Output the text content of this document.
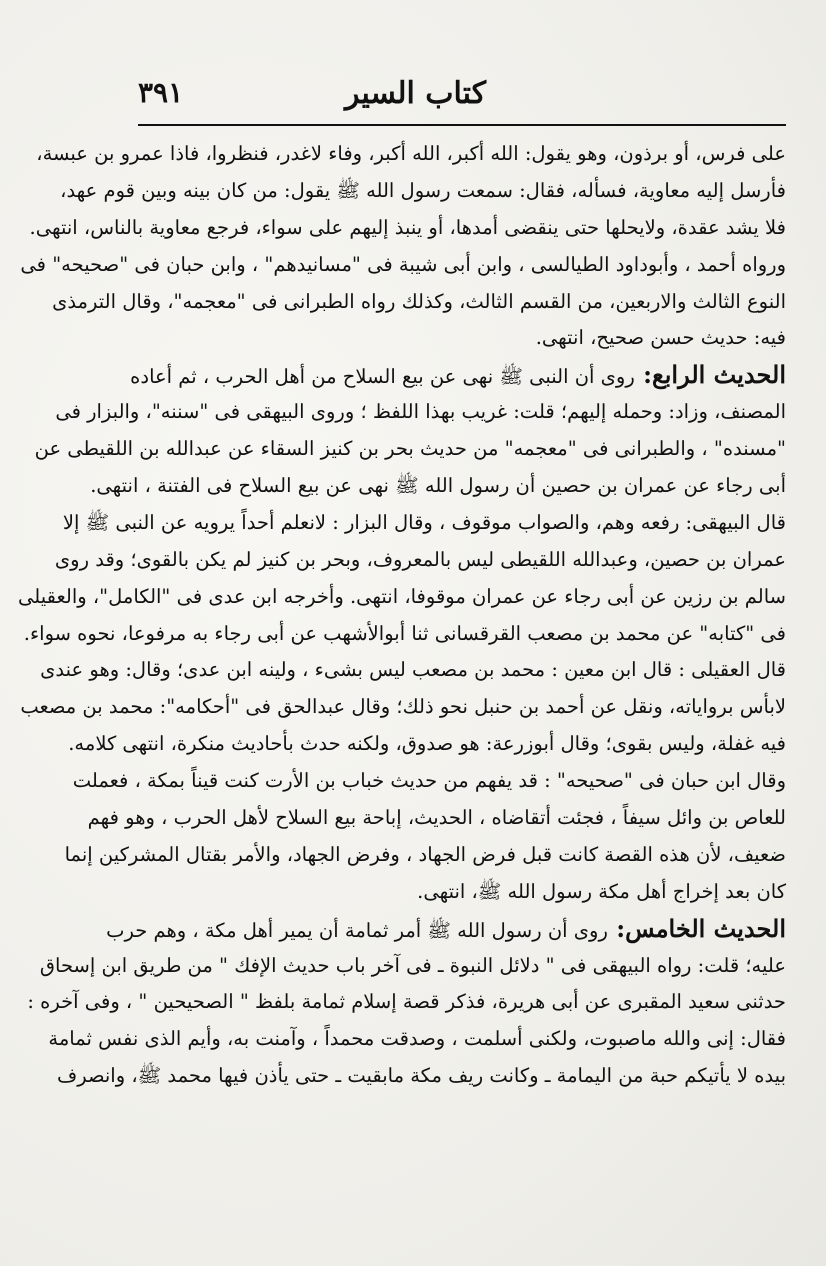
كتاب السير
٣٩١
على فرس، أو برذون، وهو يقول: الله أكبر، الله أكبر، وفاء لاغدر، فنظروا، فاذا عمرو بن عبسة،
فأرسل إليه معاوية، فسأله، فقال: سمعت رسول الله ﷺ يقول: من كان بينه وبين قوم عهد،
فلا يشد عقدة، ولايحلها حتى ينقضى أمدها، أو ينبذ إليهم على سواء، فرجع معاوية بالناس، انتهى.
ورواه أحمد ، وأبوداود الطيالسى ، وابن أبى شيبة فى "مسانيدهم" ، وابن حبان فى "صحيحه" فى
النوع الثالث والاربعين، من القسم الثالث، وكذلك رواه الطبرانى فى "معجمه"، وقال الترمذى
فيه: حديث حسن صحيح، انتهى.
الحديث الرابع: روى أن النبى ﷺ نهى عن بيع السلاح من أهل الحرب ، ثم أعاده
المصنف، وزاد: وحمله إليهم؛ قلت: غريب بهذا اللفظ ؛ وروى البيهقى فى "سننه"، والبزار فى
"مسنده" ، والطبرانى فى "معجمه" من حديث بحر بن كنيز السقاء عن عبدالله بن اللقيطى عن
أبى رجاء عن عمران بن حصين أن رسول الله ﷺ نهى عن بيع السلاح فى الفتنة ، انتهى.
قال البيهقى: رفعه وهم، والصواب موقوف ، وقال البزار : لانعلم أحداً يرويه عن النبى ﷺ إلا
عمران بن حصين، وعبدالله اللقيطى ليس بالمعروف، وبحر بن كنيز لم يكن بالقوى؛ وقد روى
سالم بن رزين عن أبى رجاء عن عمران موقوفا، انتهى. وأخرجه ابن عدى فى "الكامل"، والعقيلى
فى "كتابه" عن محمد بن مصعب القرقسانى ثنا أبوالأشهب عن أبى رجاء به مرفوعا، نحوه سواء.
قال العقيلى : قال ابن معين : محمد بن مصعب ليس بشىء ، ولينه ابن عدى؛ وقال: وهو عندى
لابأس برواياته، ونقل عن أحمد بن حنبل نحو ذلك؛ وقال عبدالحق فى "أحكامه": محمد بن مصعب
فيه غفلة، وليس بقوى؛ وقال أبوزرعة: هو صدوق، ولكنه حدث بأحاديث منكرة، انتهى كلامه.
وقال ابن حبان فى "صحيحه" : قد يفهم من حديث خباب بن الأرت كنت قيناً بمكة ، فعملت
للعاص بن وائل سيفاً ، فجئت أتقاضاه ، الحديث، إباحة بيع السلاح لأهل الحرب ، وهو فهم
ضعيف، لأن هذه القصة كانت قبل فرض الجهاد ، وفرض الجهاد، والأمر بقتال المشركين إنما
كان بعد إخراج أهل مكة رسول الله ﷺ، انتهى.
الحديث الخامس: روى أن رسول الله ﷺ أمر ثمامة أن يمير أهل مكة ، وهم حرب
عليه؛ قلت: رواه البيهقى فى " دلائل النبوة ـ فى آخر باب حديث الإفك " من طريق ابن إسحاق
حدثنى سعيد المقبرى عن أبى هريرة، فذكر قصة إسلام ثمامة بلفظ " الصحيحين " ، وفى آخره :
فقال: إنى والله ماصبوت، ولكنى أسلمت ، وصدقت محمداً ، وآمنت به، وأيم الذى نفس ثمامة
بيده لا يأتيكم حبة من اليمامة ـ وكانت ريف مكة مابقيت ـ حتى يأذن فيها محمد ﷺ، وانصرف
